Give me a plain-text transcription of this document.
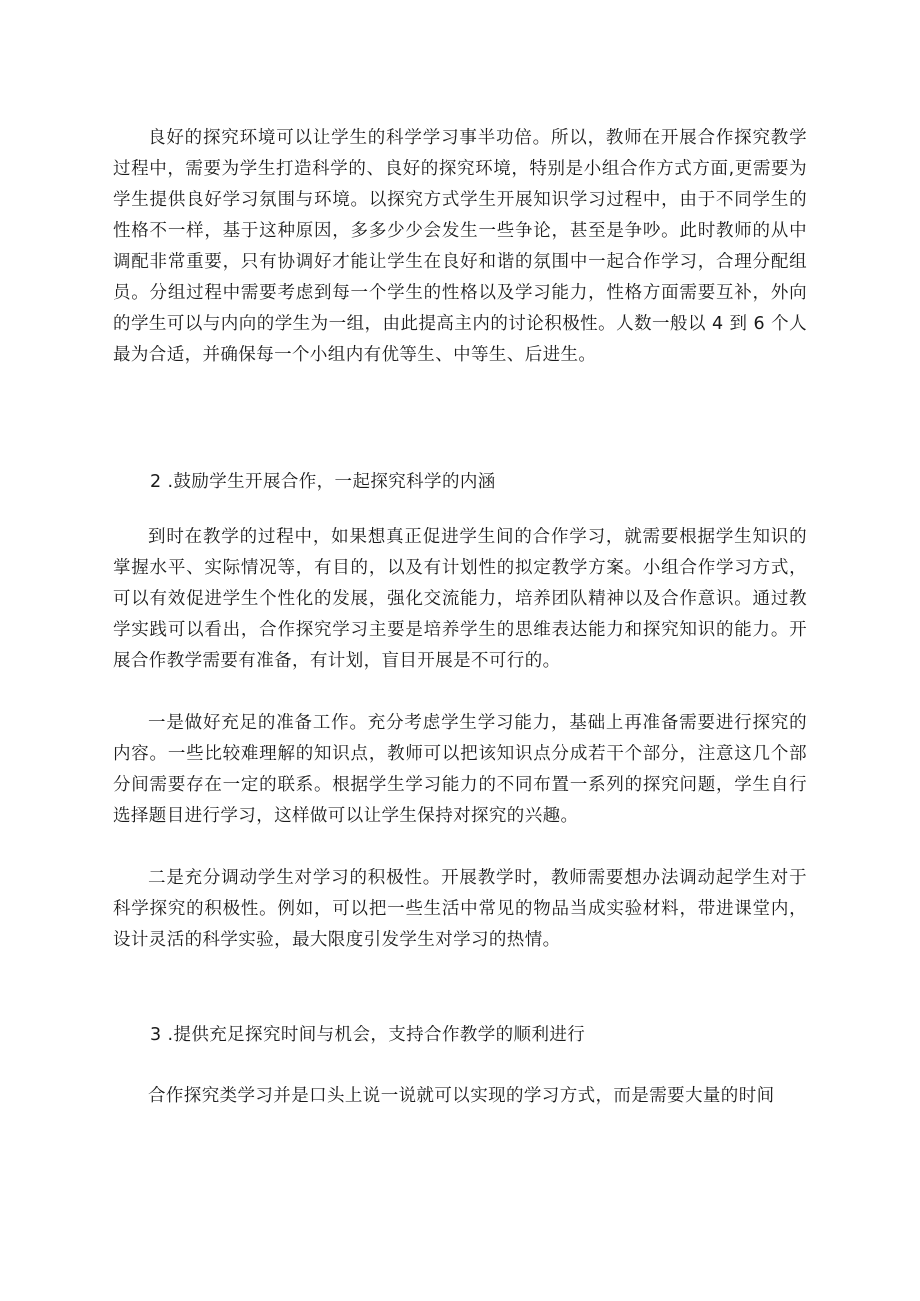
良好的探究环境可以让学生的科学学习事半功倍。所以，教师在开展合作探究教学过程中，需要为学生打造科学的、良好的探究环境，特别是小组合作方式方面,更需要为学生提供良好学习氛围与环境。以探究方式学生开展知识学习过程中，由于不同学生的性格不一样，基于这种原因，多多少少会发生一些争论，甚至是争吵。此时教师的从中调配非常重要，只有协调好才能让学生在良好和谐的氛围中一起合作学习，合理分配组员。分组过程中需要考虑到每一个学生的性格以及学习能力，性格方面需要互补，外向的学生可以与内向的学生为一组，由此提高主内的讨论积极性。人数一般以 4 到 6 个人最为合适，并确保每一个小组内有优等生、中等生、后进生。

2 .鼓励学生开展合作，一起探究科学的内涵

到时在教学的过程中，如果想真正促进学生间的合作学习，就需要根据学生知识的掌握水平、实际情况等，有目的，以及有计划性的拟定教学方案。小组合作学习方式，可以有效促进学生个性化的发展，强化交流能力，培养团队精神以及合作意识。通过教学实践可以看出，合作探究学习主要是培养学生的思维表达能力和探究知识的能力。开展合作教学需要有准备，有计划，盲目开展是不可行的。

一是做好充足的准备工作。充分考虑学生学习能力，基础上再准备需要进行探究的内容。一些比较难理解的知识点，教师可以把该知识点分成若干个部分，注意这几个部分间需要存在一定的联系。根据学生学习能力的不同布置一系列的探究问题，学生自行选择题目进行学习，这样做可以让学生保持对探究的兴趣。

二是充分调动学生对学习的积极性。开展教学时，教师需要想办法调动起学生对于科学探究的积极性。例如，可以把一些生活中常见的物品当成实验材料，带进课堂内，设计灵活的科学实验，最大限度引发学生对学习的热情。

3 .提供充足探究时间与机会，支持合作教学的顺利进行

合作探究类学习并是口头上说一说就可以实现的学习方式，而是需要大量的时间
